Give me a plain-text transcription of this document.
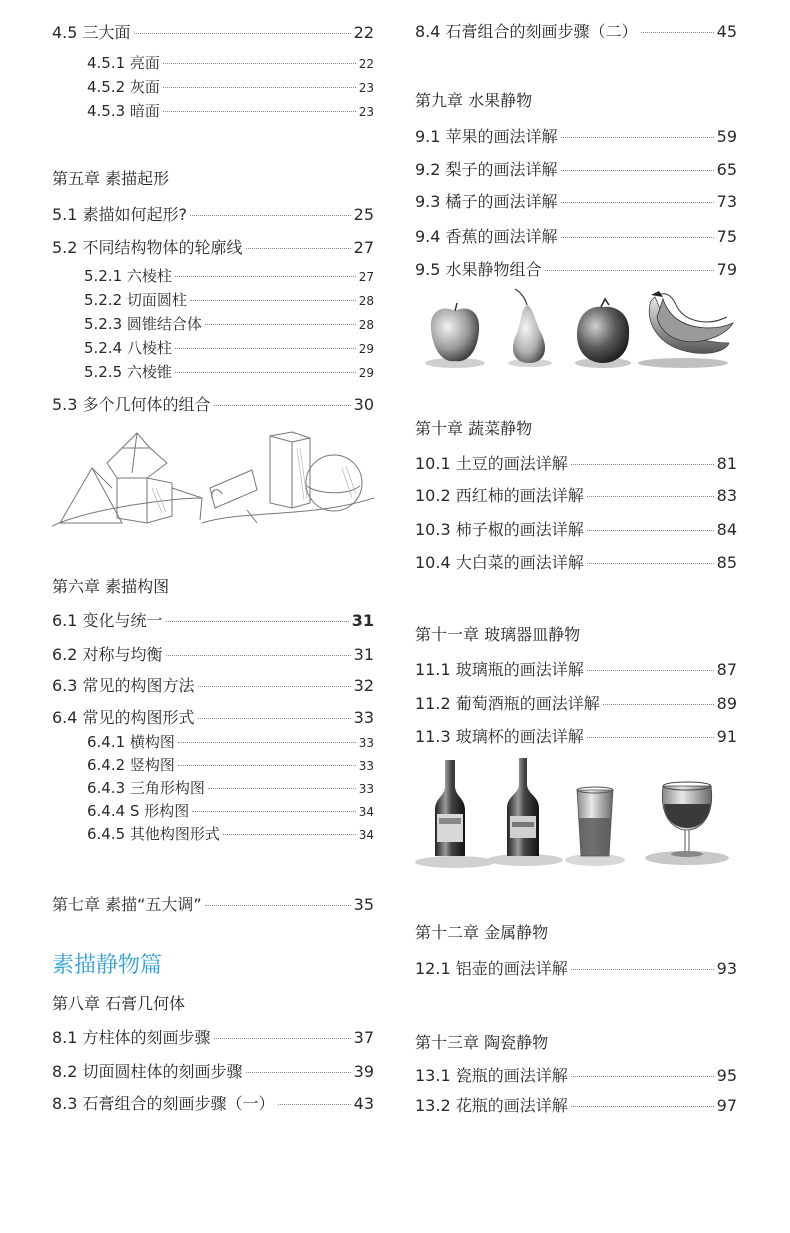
4.5 三大面	22
4.5.1 亮面	22
4.5.2 灰面	23
4.5.3 暗面	23
第五章 素描起形
5.1 素描如何起形?	25
5.2 不同结构物体的轮廓线	27
5.2.1 六棱柱	27
5.2.2 切面圆柱	28
5.2.3 圆锥结合体	28
5.2.4 八棱柱	29
5.2.5 六棱锥	29
5.3 多个几何体的组合	30
第六章 素描构图
6.1 变化与统一	31
6.2 对称与均衡	31
6.3 常见的构图方法	32
6.4 常见的构图形式	33
6.4.1 横构图	33
6.4.2 竖构图	33
6.4.3 三角形构图	33
6.4.4 S 形构图	34
6.4.5 其他构图形式	34
第七章 素描“五大调”	35
素描静物篇
第八章 石膏几何体
8.1 方柱体的刻画步骤	37
8.2 切面圆柱体的刻画步骤	39
8.3 石膏组合的刻画步骤（一）	43
8.4 石膏组合的刻画步骤（二）	45
第九章 水果静物
9.1 苹果的画法详解	59
9.2 梨子的画法详解	65
9.3 橘子的画法详解	73
9.4 香蕉的画法详解	75
9.5 水果静物组合	79
第十章 蔬菜静物
10.1 土豆的画法详解	81
10.2 西红柿的画法详解	83
10.3 柿子椒的画法详解	84
10.4 大白菜的画法详解	85
第十一章 玻璃器皿静物
11.1 玻璃瓶的画法详解	87
11.2 葡萄酒瓶的画法详解	89
11.3 玻璃杯的画法详解	91
第十二章 金属静物
12.1 铝壶的画法详解	93
第十三章 陶瓷静物
13.1 瓷瓶的画法详解	95
13.2 花瓶的画法详解	97
